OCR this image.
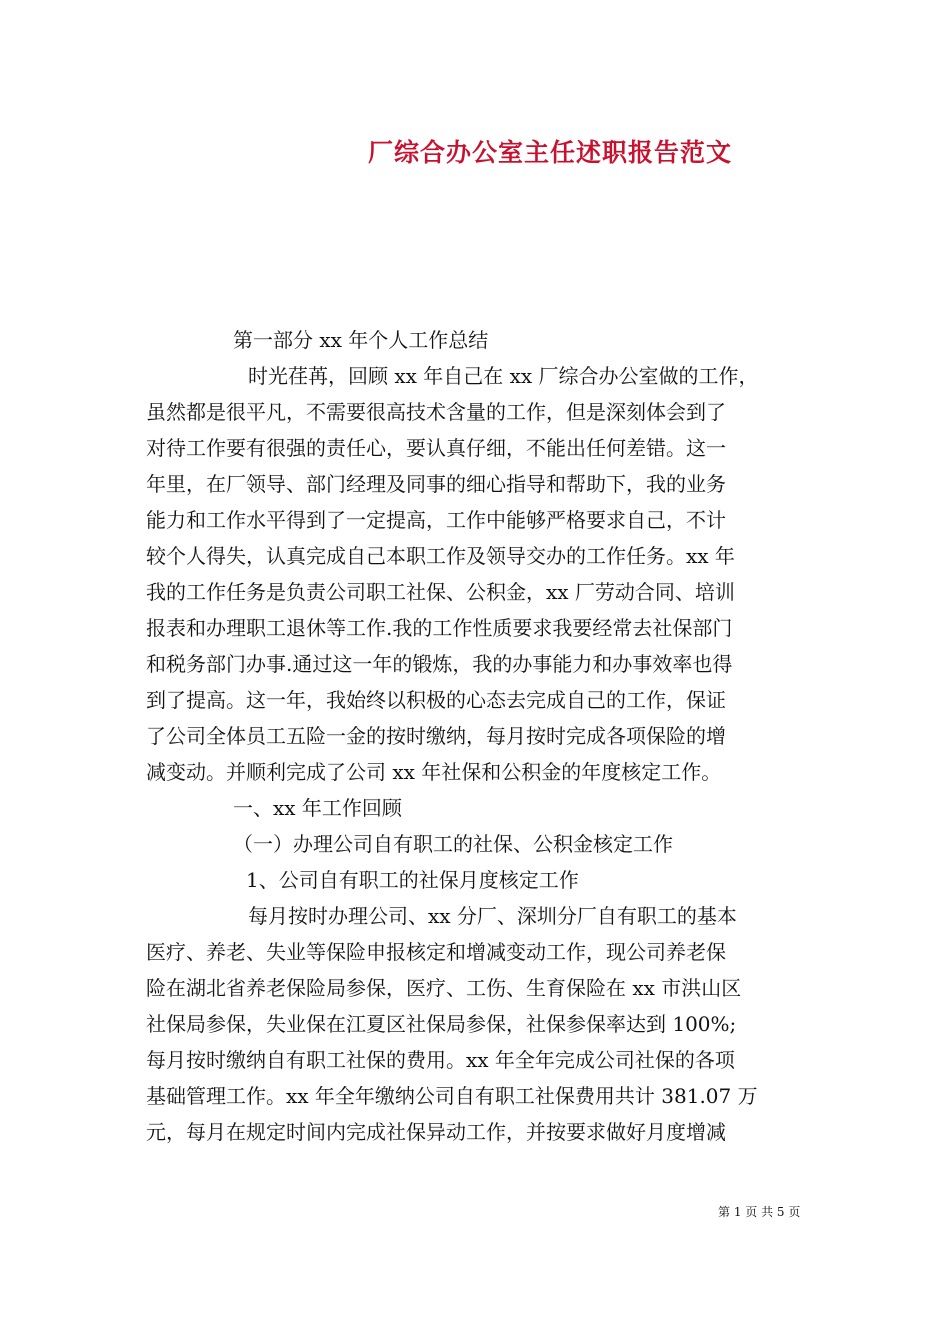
厂综合办公室主任述职报告范文
第一部分 xx 年个人工作总结
时光荏苒，回顾 xx 年自己在 xx 厂综合办公室做的工作，
虽然都是很平凡，不需要很高技术含量的工作，但是深刻体会到了
对待工作要有很强的责任心，要认真仔细，不能出任何差错。这一
年里，在厂领导、部门经理及同事的细心指导和帮助下，我的业务
能力和工作水平得到了一定提高，工作中能够严格要求自己，不计
较个人得失，认真完成自己本职工作及领导交办的工作任务。xx 年
我的工作任务是负责公司职工社保、公积金，xx 厂劳动合同、培训
报表和办理职工退休等工作.我的工作性质要求我要经常去社保部门
和税务部门办事.通过这一年的锻炼，我的办事能力和办事效率也得
到了提高。这一年，我始终以积极的心态去完成自己的工作，保证
了公司全体员工五险一金的按时缴纳，每月按时完成各项保险的增
减变动。并顺利完成了公司 xx 年社保和公积金的年度核定工作。
一、xx 年工作回顾
（一）办理公司自有职工的社保、公积金核定工作
1、公司自有职工的社保月度核定工作
每月按时办理公司、xx 分厂、深圳分厂自有职工的基本
医疗、养老、失业等保险申报核定和增减变动工作，现公司养老保
险在湖北省养老保险局参保，医疗、工伤、生育保险在 xx 市洪山区
社保局参保，失业保在江夏区社保局参保，社保参保率达到 100%;
每月按时缴纳自有职工社保的费用。xx 年全年完成公司社保的各项
基础管理工作。xx 年全年缴纳公司自有职工社保费用共计 381.07 万
元，每月在规定时间内完成社保异动工作，并按要求做好月度增减
第 1 页 共 5 页
